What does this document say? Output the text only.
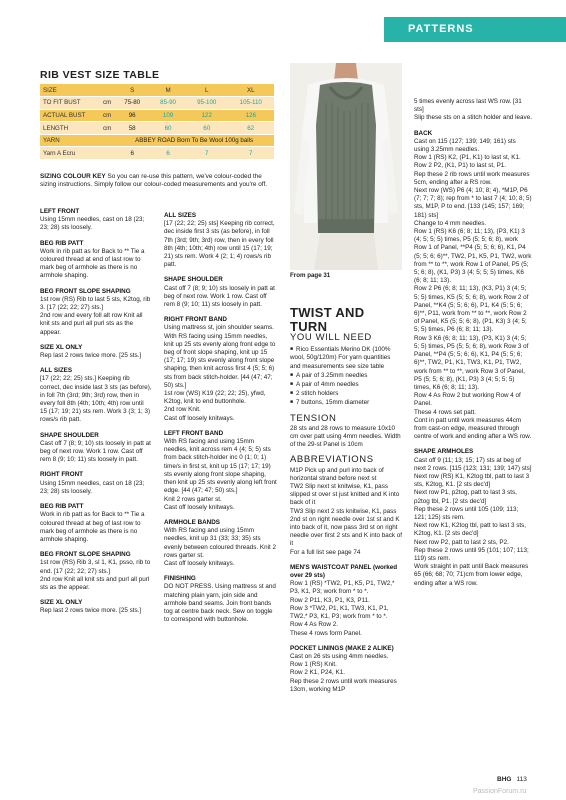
PATTERNS
RIB VEST SIZE TABLE
SIZE		S	M	L	XL
TO FIT BUST	cm	75-80	85-90	95-100	105-110
ACTUAL BUST	cm	96	109	122	126
LENGTH	cm	58	60	60	62
YARN		ABBEY ROAD Born To Be Wool 100g balls			
Yarn A Ecru		6	6	7	7
SIZING COLOUR KEY So you can re-use this pattern, we've colour-coded the sizing instructions. Simply follow our colour-coded measurements and you're off.
LEFT FRONT

Using 15mm needles, cast on 18 (23; 23; 28) sts loosely.

BEG RIB PATT

Work in rib patt as for Back to ** Tie a coloured thread at end of last row to mark beg of armhole as there is no armhole shaping.

BEG FRONT SLOPE SHAPING

1st row (RS) Rib to last 5 sts, K2tog, rib 3. [17 (22; 22; 27) sts.]

2nd row and every foll alt row Knit all knit sts and purl all purl sts as the appear.

SIZE XL ONLY

Rep last 2 rows twice more. [25 sts.]

ALL SIZES

[17 (22; 22; 25) sts.] Keeping rib correct, dec inside last 3 sts (as before), in foll 7th (3rd; 9th; 3rd) row, then in every foll 8th (4th; 10th; 4th) row until 15 (17; 19; 21) sts rem. Work 3 (3; 1; 3) rows/s rib patt.

SHAPE SHOULDER

Cast off 7 (8; 9; 10) sts loosely in patt at beg of next row. Work 1 row. Cast off rem 8 (9; 10; 11) sts loosely in patt.

RIGHT FRONT

Using 15mm needles, cast on 18 (23; 23; 28) sts loosely.

BEG RIB PATT

Work in rib patt as for Back to ** Tie a coloured thread at beg of last row to mark beg of armhole as there is no armhole shaping.

BEG FRONT SLOPE SHAPING

1st row (RS) Rib 3, sl 1, K1, psso, rib to end. [17 (22; 22; 27) sts.]

2nd row Knit all knit sts and purl all purl sts as the appear.

SIZE XL ONLY

Rep last 2 rows twice more. [25 sts.]

ALL SIZES

[17 (22; 22; 25) sts] Keeping rib correct, dec inside first 3 sts (as before), in foll 7th (3rd; 9th; 3rd) row, then in every foll 8th (4th; 10th; 4th) row until 15 (17; 19; 21) sts rem. Work 4 (2; 1; 4) rows/s rib patt.

SHAPE SHOULDER

Cast off 7 (8; 9; 10) sts loosely in patt at beg of next row. Work 1 row. Cast off rem 8 (9; 10; 11) sts loosely in patt.

RIGHT FRONT BAND

Using mattress st, join shoulder seams. With RS facing using 15mm needles, knit up 25 sts evenly along front edge to beg of front slope shaping, knit up 15 (17; 17; 19) sts evenly along front slope shaping, then knit across first 4 (5; 5; 6) sts from back stitch-holder. [44 (47; 47; 50) sts.]

1st row (WS) K19 (22; 22; 25), yfwd, K2tog, knit to end buttonhole.

2nd row Knit.

Cast off loosely knitways.

LEFT FRONT BAND

With RS facing and using 15mm needles, knit across rem 4 (4; 5; 5) sts from back stitch-holder inc 0 (1; 0; 1) time/s in first st, knit up 15 (17; 17; 19) sts evenly along front slope shaping, then knit up 25 sts evenly along left front edge. [44 (47; 47; 50) sts.]

Knit 2 rows garter st.

Cast off loosely knitways.

ARMHOLE BANDS

With RS facing and using 15mm needles, knit up 31 (33; 33; 35) sts evenly between coloured threads. Knit 2 rows garter st.

Cast off loosely knitways.

FINISHING

DO NOT PRESS. Using mattress st and matching plain yarn, join side and armhole band seams. Join front bands tog at centre back neck. Sew on toggle to correspond with buttonhole.

From page 31
TWIST AND TURN
YOU WILL NEED

■ Rico Essentials Merino DK (100% wool, 50g/120m) For yarn quantities and measurements see size table

■ A pair of 3.25mm needles

■ A pair of 4mm needles

■ 2 stitch holders

■ 7 buttons, 15mm diameter

TENSION

28 sts and 28 rows to measure 10x10 cm over patt using 4mm needles. Width of the 29-st Panel is 10cm

ABBREVIATIONS

M1P Pick up and purl into back of horizontal strand before next st

TW2 Slip next st knitwise, K1, pass slipped st over st just knitted and K into back of it

TW3 Slip next 2 sts knitwise, K1, pass 2nd st on right needle over 1st st and K into back of it, now pass 3rd st on right needle over first 2 sts and K into back of it

For a full list see page 74

MEN'S WAISTCOAT PANEL (worked over 29 sts)

Row 1 (RS) *TW2, P1, K5, P1, TW2,* P3, K1, P3; work from * to *.

Row 2 P11, K3, P1, K3, P11.

Row 3 *TW2, P1, K1, TW3, K1, P1, TW2,* P3, K1, P3; work from * to *.

Row 4 As Row 2.

These 4 rows form Panel.

POCKET LININGS (MAKE 2 ALIKE)

Cast on 26 sts using 4mm needles.

Row 1 (RS) Knit.

Row 2 K1, P24, K1.

Rep these 2 rows until work measures 13cm, working M1P

5 times evenly across last WS row. [31 sts]

Slip these sts on a stitch holder and leave.

BACK

Cast on 115 (127; 139; 149; 161) sts using 3.25mm needles.

Row 1 (RS) K2, (P1, K1) to last st, K1.

Row 2 P2, (K1, P1) to last st, P1.

Rep these 2 rib rows until work measures 5cm, ending after a RS row.

Next row (WS) P6 (4; 10; 8; 4), *M1P, P6 (7; 7; 7; 8); rep from * to last 7 (4; 10; 8; 5) sts, M1P, P to end. [133 (145; 157; 169; 181) sts]

Change to 4 mm needles.

Row 1 (RS) K6 (6; 8; 11; 13), (P3, K1) 3 (4; 5; 5; 5) times, P5 (5; 5; 6; 8), work Row 1 of Panel, **P4 (5; 5; 6; 6), K1, P4 (5; 5; 6; 6)**, TW2, P1, K5, P1, TW2, work from ** to **, work Row 1 of Panel, P5 (5; 5; 6; 8), (K1, P3) 3 (4; 5; 5; 5) times, K6 (6; 8; 11; 13).

Row 2 P6 (6; 8; 11; 13), (K3, P1) 3 (4; 5; 5; 5) times, K5 (5; 5; 6; 8), work Row 2 of Panel, **K4 (5; 5; 6; 6), P1, K4 (5; 5; 6; 6)**, P11, work from ** to **, work Row 2 of Panel, K5 (5; 5; 6; 8), (P1, K3) 3 (4; 5; 5; 5) times, P6 (6; 8; 11; 13).

Row 3 K6 (6; 8; 11; 13), (P3, K1) 3 (4; 5; 5; 5) times, P5 (5; 5; 6; 8), work Row 3 of Panel, **P4 (5; 5; 6; 6), K1, P4 (5; 5; 6; 6)**, TW2, P1, K1, TW3, K1, P1, TW2, work from ** to **, work Row 3 of Panel, P5 (5; 5; 6; 8), (K1, P3) 3 (4; 5; 5; 5) times, K6 (6; 8; 11; 13).

Row 4 As Row 2 but working Row 4 of Panel.

These 4 rows set patt.

Cont in patt until work measures 44cm from cast-on edge, measured through centre of work and ending after a WS row.

SHAPE ARMHOLES

Cast off 9 (11; 13; 15; 17) sts at beg of next 2 rows. [115 (123; 131; 139; 147) sts]

Next row (RS) K1, K2tog tbl, patt to last 3 sts, K2tog, K1. [2 sts dec'd]

Next row P1, p2tog, patt to last 3 sts, p2tog tbl, P1. [2 sts dec'd]

Rep these 2 rows until 105 (109; 113; 121; 125) sts rem.

Next row K1, K2tog tbl, patt to last 3 sts, K2tog, K1. [2 sts dec'd]

Next row P2, patt to last 2 sts, P2.

Rep these 2 rows until 95 (101; 107; 113; 119) sts rem.

Work straight in patt until Back measures 65 (66; 68; 70; 71)cm from lower edge, ending after a WS row.

BHG 113
PassionForum.ru
